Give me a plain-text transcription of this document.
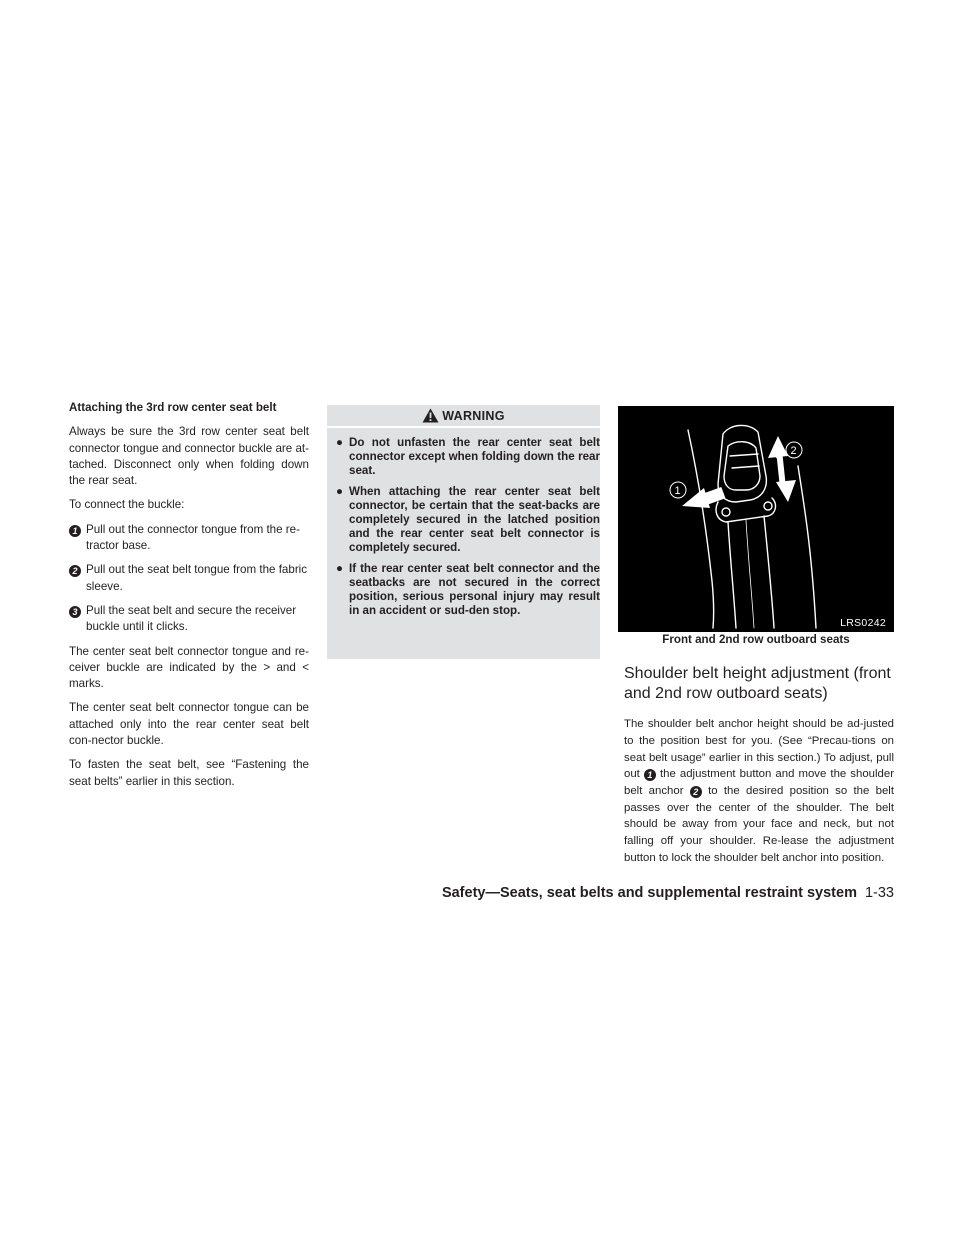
Attaching the 3rd row center seat belt

Always be sure the 3rd row center seat belt connector tongue and connector buckle are at-tached. Disconnect only when folding down the rear seat.

To connect the buckle:

1 Pull out the connector tongue from the re-tractor base.
2 Pull out the seat belt tongue from the fabric sleeve.
3 Pull the seat belt and secure the receiver buckle until it clicks.

The center seat belt connector tongue and re-ceiver buckle are indicated by the > and < marks.

The center seat belt connector tongue can be attached only into the rear center seat belt con-nector buckle.

To fasten the seat belt, see “Fastening the seat belts” earlier in this section.

WARNING
● Do not unfasten the rear center seat belt connector except when folding down the rear seat.
● When attaching the rear center seat belt connector, be certain that the seat-backs are completely secured in the latched position and the rear center seat belt connector is completely secured.
● If the rear center seat belt connector and the seatbacks are not secured in the correct position, serious personal injury may result in an accident or sud-den stop.
2
1
LRS0242
Front and 2nd row outboard seats
Shoulder belt height adjustment (front and 2nd row outboard seats)

The shoulder belt anchor height should be ad-justed to the position best for you. (See “Precau-tions on seat belt usage” earlier in this section.) To adjust, pull out 1 the adjustment button and move the shoulder belt anchor 2 to the desired position so the belt passes over the center of the shoulder. The belt should be away from your face and neck, but not falling off your shoulder. Re-lease the adjustment button to lock the shoulder belt anchor into position.

Safety—Seats, seat belts and supplemental restraint system 1-33
